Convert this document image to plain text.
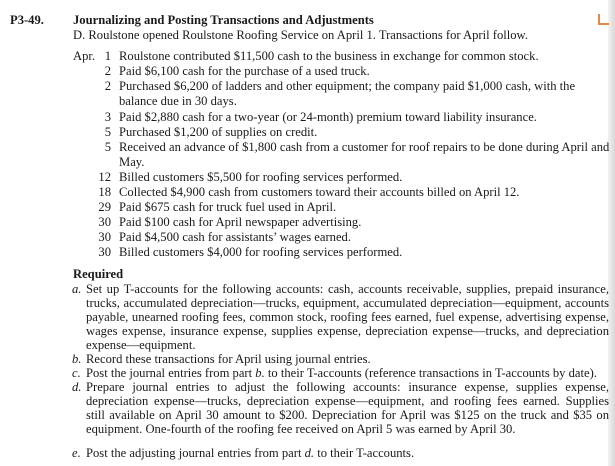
P3-49. Journalizing and Posting Transactions and Adjustments
D. Roulstone opened Roulstone Roofing Service on April 1. Transactions for April follow.
Apr. 1 Roulstone contributed $11,500 cash to the business in exchange for common stock.
2 Paid $6,100 cash for the purchase of a used truck.
2 Purchased $6,200 of ladders and other equipment; the company paid $1,000 cash, with the balance due in 30 days.
3 Paid $2,880 cash for a two-year (or 24-month) premium toward liability insurance.
5 Purchased $1,200 of supplies on credit.
5 Received an advance of $1,800 cash from a customer for roof repairs to be done during April and May.
12 Billed customers $5,500 for roofing services performed.
18 Collected $4,900 cash from customers toward their accounts billed on April 12.
29 Paid $675 cash for truck fuel used in April.
30 Paid $100 cash for April newspaper advertising.
30 Paid $4,500 cash for assistants’ wages earned.
30 Billed customers $4,000 for roofing services performed.
Required
a. Set up T-accounts for the following accounts: cash, accounts receivable, supplies, prepaid insurance, trucks, accumulated depreciation—trucks, equipment, accumulated depreciation—equipment, accounts payable, unearned roofing fees, common stock, roofing fees earned, fuel expense, advertising expense, wages expense, insurance expense, supplies expense, depreciation expense—trucks, and depreciation expense—equipment.
b. Record these transactions for April using journal entries.
c. Post the journal entries from part b. to their T-accounts (reference transactions in T-accounts by date).
d. Prepare journal entries to adjust the following accounts: insurance expense, supplies expense, depreciation expense—trucks, depreciation expense—equipment, and roofing fees earned. Supplies still available on April 30 amount to $200. Depreciation for April was $125 on the truck and $35 on equipment. One-fourth of the roofing fee received on April 5 was earned by April 30.
e. Post the adjusting journal entries from part d. to their T-accounts.
